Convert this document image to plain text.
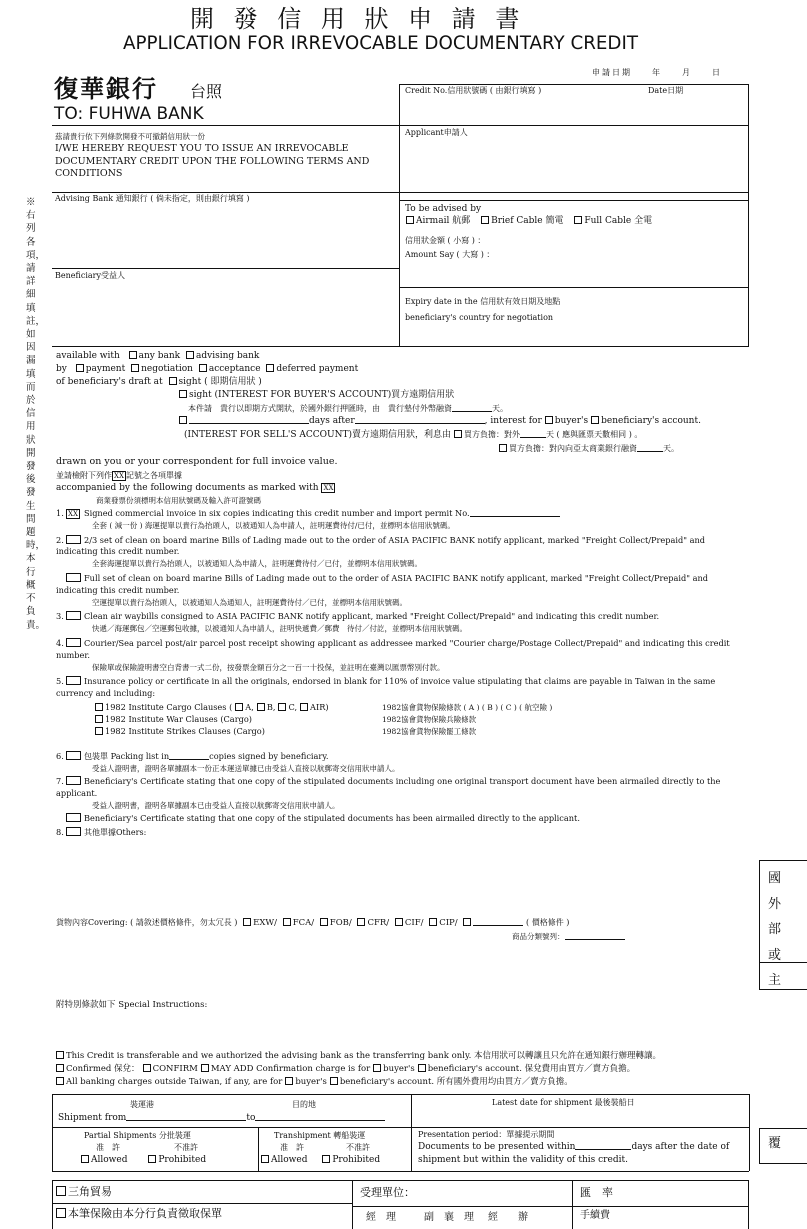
開 發 信 用 狀 申 請 書
APPLICATION FOR IRREVOCABLE DOCUMENTARY CREDIT
申請日期　　年　　月　　日
復華銀行 台照
TO: FUHWA BANK
※右列各項，請詳細填註，如因漏填而於信用狀開發後發生問題時，本行概不負責。
Credit No.信用狀號碼 ( 由銀行填寫 )	Date日期
Applicant申請人
茲請貴行依下列條款開發不可撤銷信用狀一份
I/WE HEREBY REQUEST YOU TO ISSUE AN IRREVOCABLE DOCUMENTARY CREDIT UPON THE FOLLOWING TERMS AND CONDITIONS
Advising Bank 通知銀行 ( 倘未指定，則由銀行填寫 )
Beneficiary受益人
To be advised by
Airmail 航郵 Brief Cable 簡電 Full Cable 全電
信用狀金額 ( 小寫 ) ：
Amount Say ( 大寫 ) ：
Expiry date in the 信用狀有效日期及地點
beneficiary's country for negotiation
available with any bank advising bank
by payment negotiation acceptance deferred payment
of beneficiary's draft at sight ( 即期信用狀 )
sight (INTEREST FOR BUYER'S ACCOUNT)買方遠期信用狀
本件請　貴行以即期方式開狀，於國外銀行押匯時，由　貴行墊付外幣融資	天。
days after	, interest for buyer's beneficiary's account.
(INTEREST FOR SELL'S ACCOUNT)賣方遠期信用狀，利息由 買方負擔：對外	天 ( 應與匯票天數相同 ) 。
買方負擔：對內向亞太商業銀行融資	天。
drawn on you or your correspondent for full invoice value.
並請檢附下列作 XX 記號之各項單據
accompanied by the following documents as marked with XX
商業發票份須標明本信用狀號碼及輸入許可證號碼
1. XX Signed commercial invoice in six copies indicating this credit number and import permit No.
全套 ( 減一份 ) 海運提單以貴行為抬頭人，以被通知人為申請人，註明運費待付/已付，並標明本信用狀號碼。
2. 2/3 set of clean on board marine Bills of Lading made out to the order of ASIA PACIFIC BANK notify applicant, marked "Freight Collect/Prepaid" and indicating this credit number.
全套海運提單以貴行為抬頭人，以被通知人為申請人，註明運費待付／已付，並標明本信用狀號碼。
Full set of clean on board marine Bills of Lading made out to the order of ASIA PACIFIC BANK notify applicant, marked "Freight Collect/Prepaid" and indicating this credit number.
空運提單以貴行為抬頭人，以被通知人為通知人，註明運費待付／已付，並標明本信用狀號碼。
3. Clean air waybills consigned to ASIA PACIFIC BANK notify applicant, marked "Freight Collect/Prepaid" and indicating this credit number.
快遞／海運郵包／空運郵包收據，以被通知人為申請人，註明快遞費／郵費　待付／付訖，並標明本信用狀號碼。
4. Courier/Sea parcel post/air parcel post receipt showing applicant as addressee marked "Courier charge/Postage Collect/Prepaid" and indicating this credit number.
保險單或保險證明書空白背書一式二份，按發票金額百分之一百一十投保，並註明在臺灣以匯票幣別付款。
5. Insurance policy or certificate in all the originals, endorsed in blank for 110% of invoice value stipulating that claims are payable in Taiwan in the same currency and including:
1982 Institute Cargo Clauses ( A, B, C, AIR)	1982協會貨物保險條款 ( A ) ( B ) ( C ) ( 航空險 )
1982 Institute War Clauses (Cargo)	1982協會貨物保險兵險條款
1982 Institute Strikes Clauses (Cargo)	1982協會貨物保險罷工條款
6.	包裝單 Packing list in	copies signed by beneficiary.
受益人證明書，證明各單據副本一份正本運送單據已由受益人直接以航郵寄交信用狀申請人。
7. Beneficiary's Certificate stating that one copy of the stipulated documents including one original transport document have been airmailed directly to the applicant.
受益人證明書，證明各單據副本已由受益人直接以航郵寄交信用狀申請人。
Beneficiary's Certificate stating that one copy of the stipulated documents has been airmailed directly to the applicant.
8.	其他單據Others:
貨物內容Covering: ( 請敘述價格條件，勿太冗長 ) EXW/ FCA/ FOB/ CFR/ CIF/ CIP/	( 價格條件 )
商品分類號列：
附特別條款如下 Special Instructions:
This Credit is transferable and we authorized the advising bank as the transferring bank only. 本信用狀可以轉讓且只允許在通知銀行辦理轉讓。
Confirmed 保兌： CONFIRM MAY ADD Confirmation charge is for buyer's beneficiary's account. 保兌費用由買方／賣方負擔。
All banking charges outside Taiwan, if any, are for buyer's beneficiary's account. 所有國外費用均由買方／賣方負擔。
裝運港	目的地
Shipment from	to
Latest date for shipment 最後裝船日
Partial Shipments 分批裝運
准　許	不准許
Allowed	Prohibited
Transhipment 轉船裝運
准　許	不准許
Allowed	Prohibited
Presentation period：單據提示期間
Documents to be presented within	days after the date of
shipment but within the validity of this credit.
三角貿易
本筆保險由本分行負責徵取保單
受理單位：	匯　率
經　理	副　襄　理 經　　辦	手續費
國
外
部
或
主
覆
